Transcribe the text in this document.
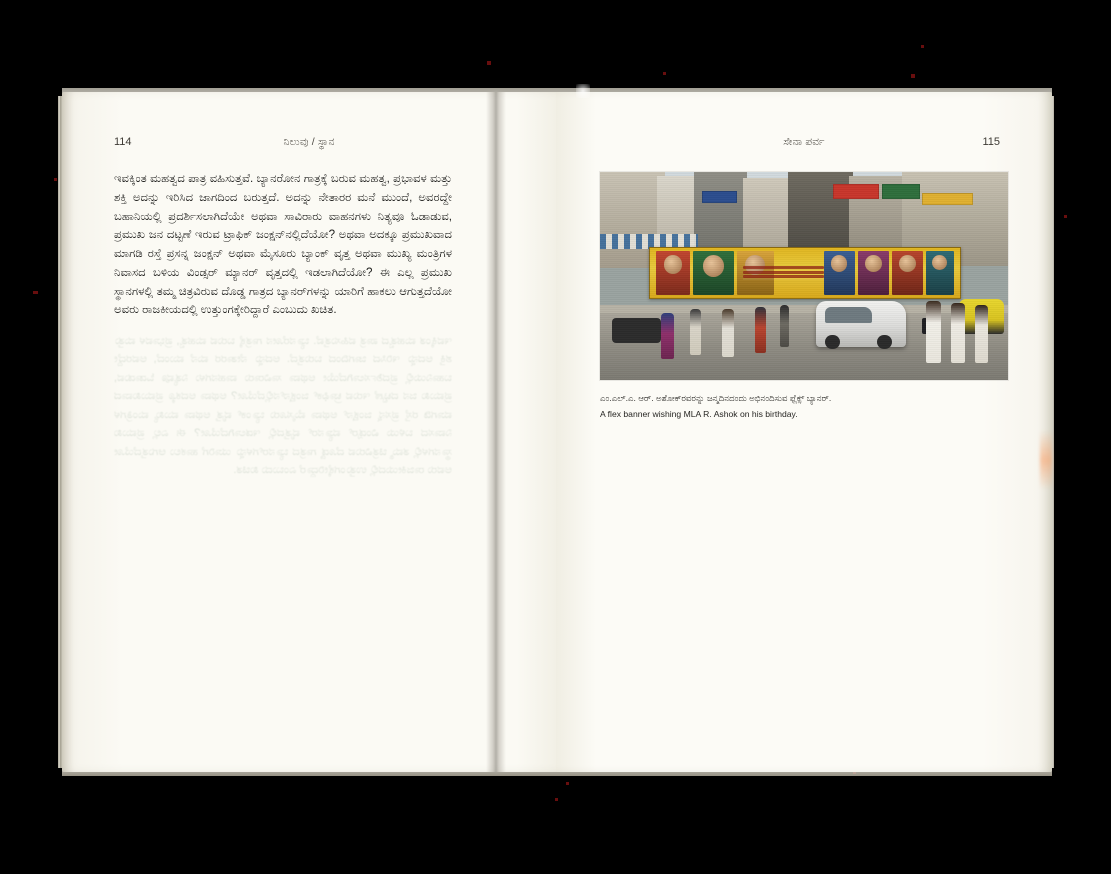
114	ನಿಲುವು / ಸ್ಥಾನ
ಇವಕ್ಕಿಂತ ಮಹತ್ವದ ಪಾತ್ರ ವಹಿಸುತ್ತವೆ. ಬ್ಯಾನರೋನ ಗಾತ್ರಕ್ಕೆ ಬರುವ ಮಹತ್ವ, ಪ್ರಭಾವಳ ಮತ್ತು ಶಕ್ತಿ ಅದನ್ನು ಇರಿಸಿದ ಜಾಗದಿಂದ ಬರುತ್ತದೆ. ಅದನ್ನು ನೇತಾರರ ಮನೆ ಮುಂದೆ, ಅವರದ್ದೇ ಬಹಾನಿಯಲ್ಲಿ ಪ್ರದರ್ಶಿಸಲಾಗಿದೆಯೇ ಅಥವಾ ಸಾವಿರಾರು ವಾಹನಗಳು ನಿತ್ಯವೂ ಓಡಾಡುವ, ಪ್ರಮುಖ ಜನ ದಟ್ಟಣೆ ಇರುವ ಟ್ರಾಫಿಕ್ ಜಂಕ್ಷನ್‌ನಲ್ಲಿದೆಯೋ? ಅಥವಾ ಅದಕ್ಕೂ ಪ್ರಮುಖವಾದ ಮಾಗಡಿ ರಸ್ತೆ ಪ್ರಸನ್ನ ಜಂಕ್ಷನ್ ಅಥವಾ ಮೈಸೂರು ಬ್ಯಾಂಕ್ ವೃತ್ತ ಅಥವಾ ಮುಖ್ಯ ಮಂತ್ರಿಗಳ ನಿವಾಸದ ಬಳಿಯ ವಿಂಡ್ಸರ್ ಮ್ಯಾನರ್ ವೃತ್ತದಲ್ಲಿ ಇಡಲಾಗಿದೆಯೋ? ಈ ಎಲ್ಲ ಪ್ರಮುಖ ಸ್ಥಾನಗಳಲ್ಲಿ ತಮ್ಮ ಚಿತ್ರವಿರುವ ದೊಡ್ಡ ಗಾತ್ರದ ಬ್ಯಾನರ್‌ಗಳನ್ನು ಯಾರಿಗೆ ಹಾಕಲು ಆಗುತ್ತದೆಯೋ ಅವರು ರಾಜಕೀಯದಲ್ಲಿ ಉತ್ತುಂಗಕ್ಕೇರಿದ್ದಾರೆ ಎಂಬುದು ಖಚಿತ.
ಇವಕ್ಕಿಂತ ಮಹತ್ವದ ಪಾತ್ರ ವಹಿಸುತ್ತವೆ. ಬ್ಯಾನರೋನ ಗಾತ್ರಕ್ಕೆ ಬರುವ ಮಹತ್ವ, ಪ್ರಭಾವಳ ಮತ್ತು ಶಕ್ತಿ ಅದನ್ನು ಇರಿಸಿದ ಜಾಗದಿಂದ ಬರುತ್ತದೆ. ಅದನ್ನು ನೇತಾರರ ಮನೆ ಮುಂದೆ, ಅವರದ್ದೇ ಬಹಾನಿಯಲ್ಲಿ ಪ್ರದರ್ಶಿಸಲಾಗಿದೆಯೇ ಅಥವಾ ಸಾವಿರಾರು ವಾಹನಗಳು ನಿತ್ಯವೂ ಓಡಾಡುವ, ಪ್ರಮುಖ ಜನ ದಟ್ಟಣೆ ಇರುವ ಟ್ರಾಫಿಕ್ ಜಂಕ್ಷನ್‌ನಲ್ಲಿದೆಯೋ? ಅಥವಾ ಅದಕ್ಕೂ ಪ್ರಮುಖವಾದ ಮಾಗಡಿ ರಸ್ತೆ ಪ್ರಸನ್ನ ಜಂಕ್ಷನ್ ಅಥವಾ ಮೈಸೂರು ಬ್ಯಾಂಕ್ ವೃತ್ತ ಅಥವಾ ಮುಖ್ಯ ಮಂತ್ರಿಗಳ ನಿವಾಸದ ಬಳಿಯ ವಿಂಡ್ಸರ್ ಮ್ಯಾನರ್ ವೃತ್ತದಲ್ಲಿ ಇಡಲಾಗಿದೆಯೋ? ಈ ಎಲ್ಲ ಪ್ರಮುಖ ಸ್ಥಾನಗಳಲ್ಲಿ ತಮ್ಮ ಚಿತ್ರವಿರುವ ದೊಡ್ಡ ಗಾತ್ರದ ಬ್ಯಾನರ್‌ಗಳನ್ನು ಯಾರಿಗೆ ಹಾಕಲು ಆಗುತ್ತದೆಯೋ ಅವರು ರಾಜಕೀಯದಲ್ಲಿ ಉತ್ತುಂಗಕ್ಕೇರಿದ್ದಾರೆ ಎಂಬುದು ಖಚಿತ.
ಸೇನಾ ಪರ್ವ	115
ಎಂ.ಎಲ್.ಎ. ಆರ್. ಅಶೋಕ್‌ರವರನ್ನು ಜನ್ಮದಿನದಂದು ಅಭಿನಂದಿಸುವ ಫ್ಲೆಕ್ಸ್ ಬ್ಯಾನರ್.
A flex banner wishing MLA R. Ashok on his birthday.
